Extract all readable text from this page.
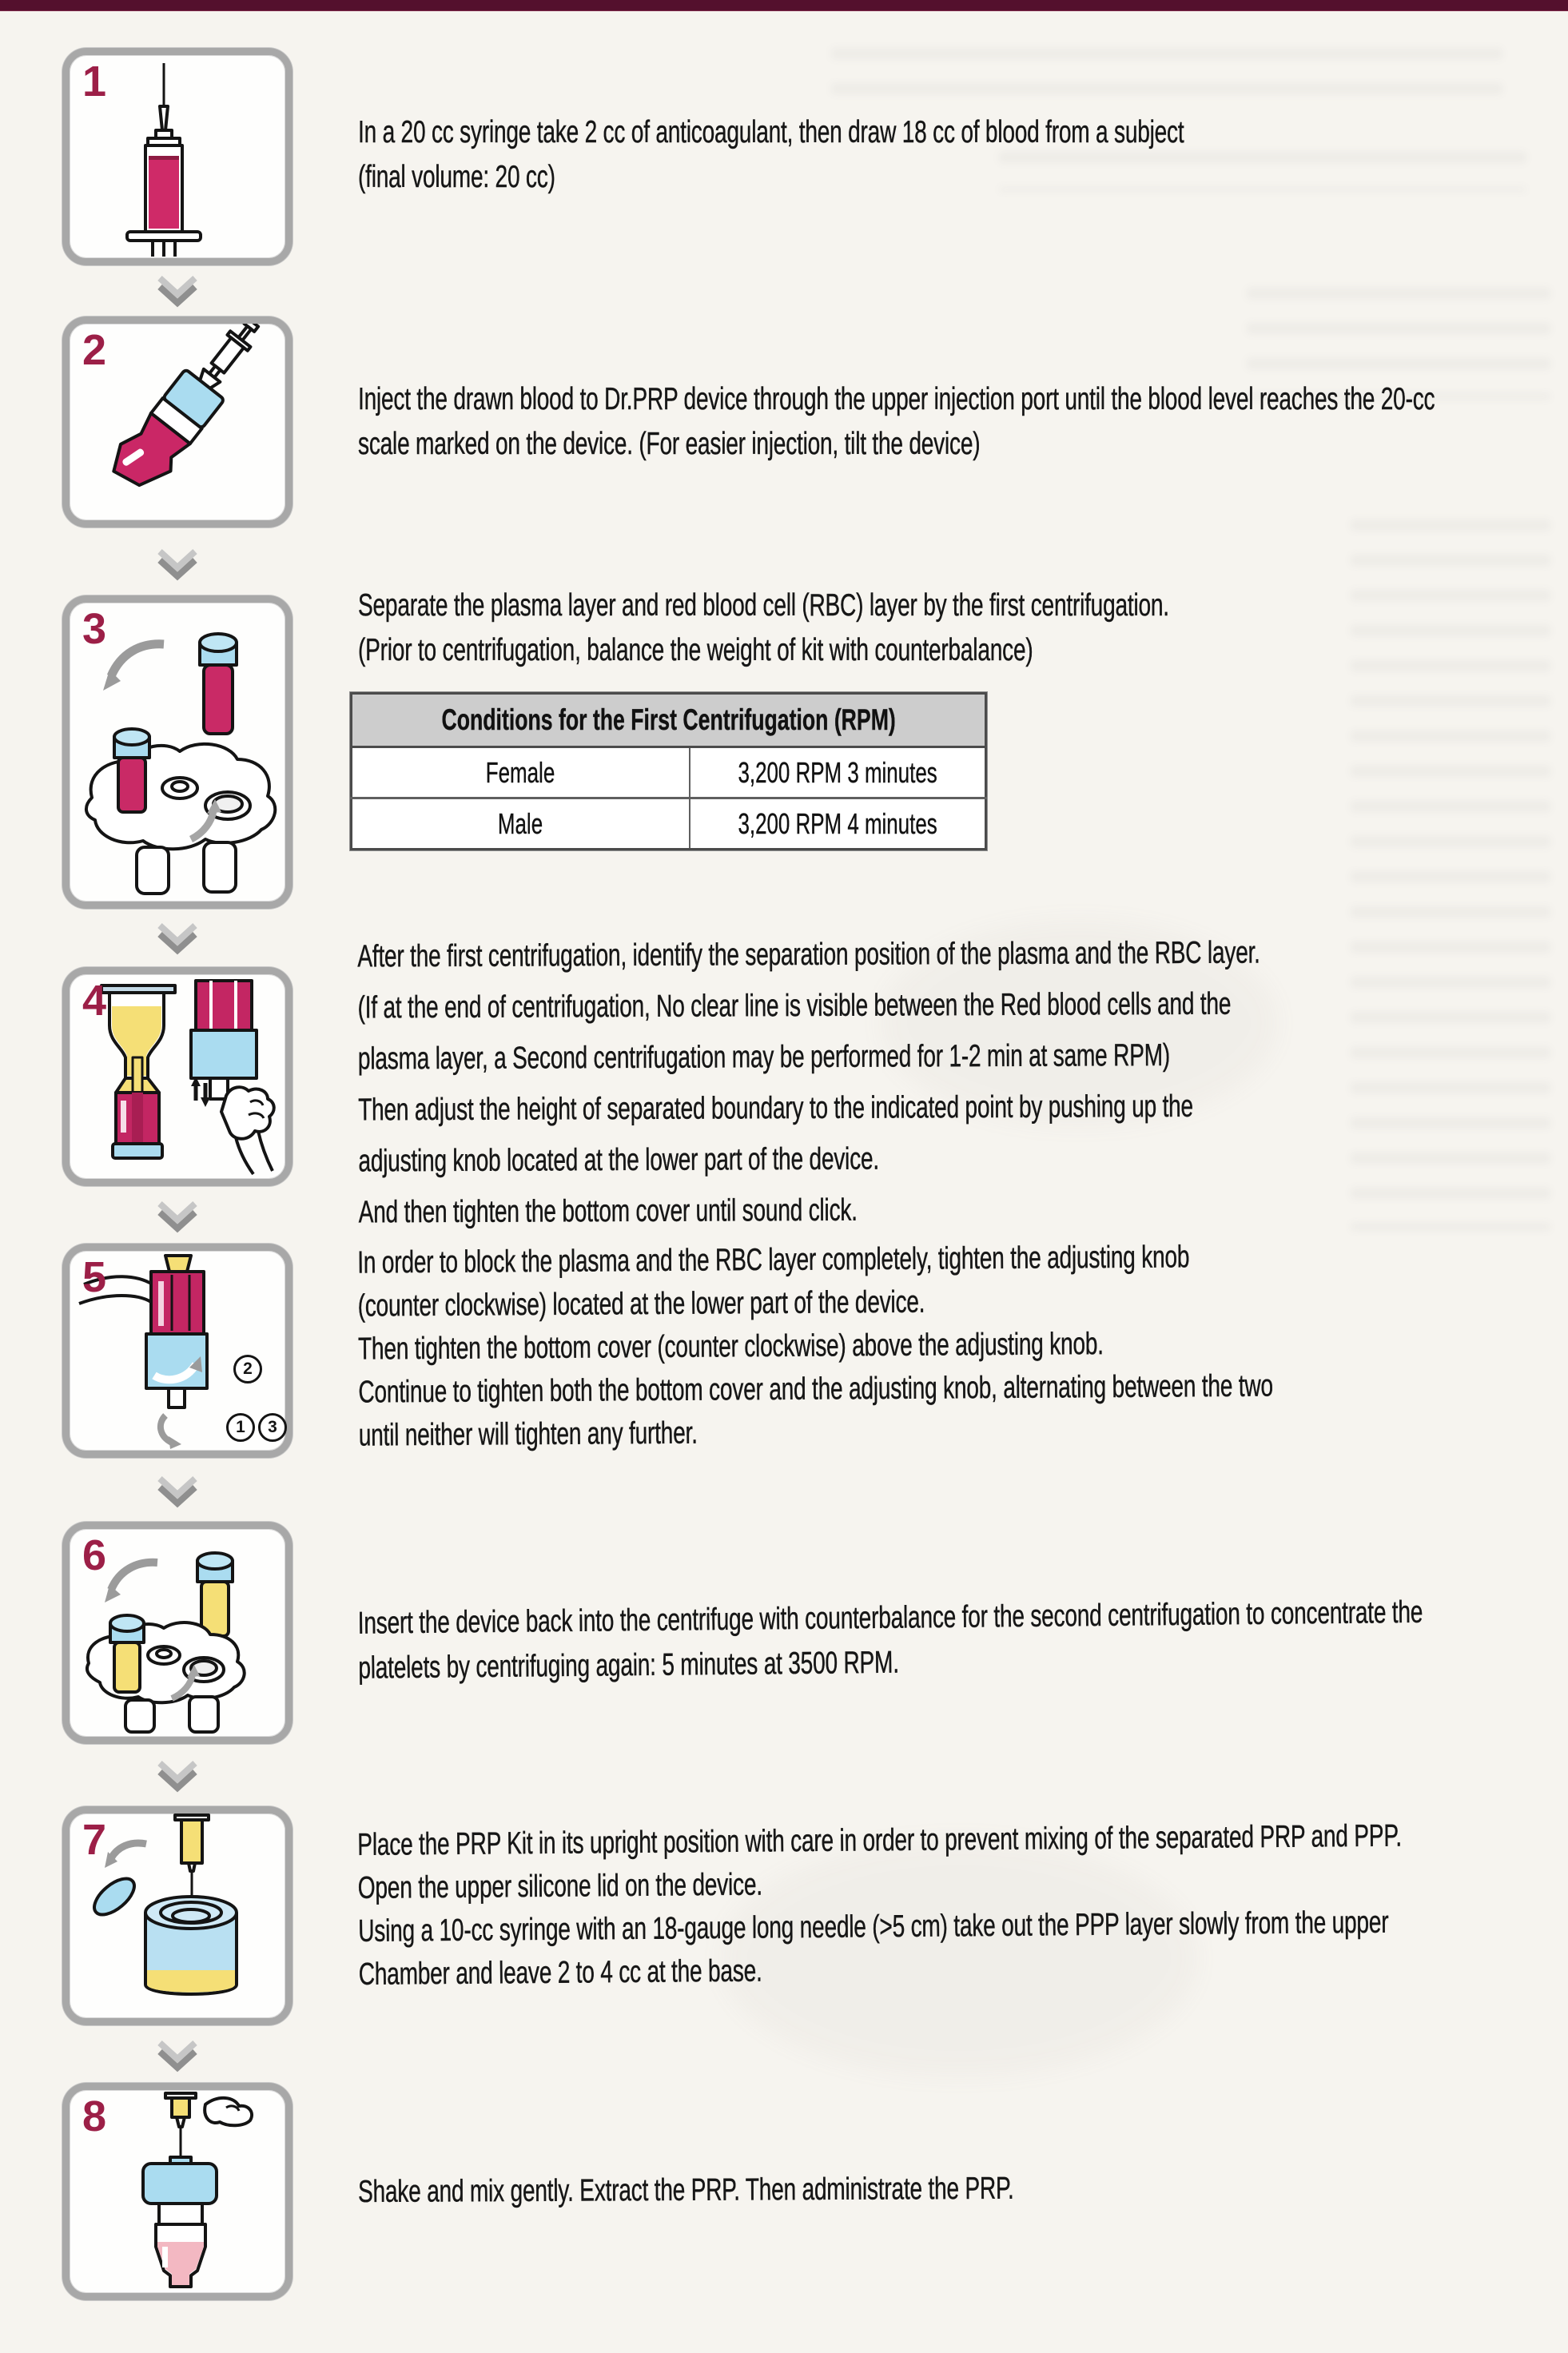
1
In a 20 cc syringe take 2 cc of anticoagulant, then draw 18 cc of blood from a subject
(final volume: 20 cc)
2
Inject the drawn blood to Dr.PRP device through the upper injection port until the blood level reaches the 20-cc
scale marked on the device. (For easier injection, tilt the device)
3	Separate the plasma layer and red blood cell (RBC) layer by the first centrifugation.
(Prior to centrifugation, balance the weight of kit with counterbalance)
Conditions for the First Centrifugation (RPM)	
Female	3,200 RPM 3 minutes
Male	3,200 RPM 4 minutes
4
After the first centrifugation, identify the separation position of the plasma and the RBC layer.
(If at the end of centrifugation, No clear line is visible between the Red blood cells and the
plasma layer, a Second centrifugation may be performed for 1-2 min at same RPM)
Then adjust the height of separated boundary to the indicated point by pushing up the
adjusting knob located at the lower part of the device.
And then tighten the bottom cover until sound click.
5
2
1	3
In order to block the plasma and the RBC layer completely, tighten the adjusting knob
(counter clockwise) located at the lower part of the device.
Then tighten the bottom cover (counter clockwise) above the adjusting knob.
Continue to tighten both the bottom cover and the adjusting knob, alternating between the two
until neither will tighten any further.
6
Insert the device back into the centrifuge with counterbalance for the second centrifugation to concentrate the
platelets by centrifuging again: 5 minutes at 3500 RPM.
7	Place the PRP Kit in its upright position with care in order to prevent mixing of the separated PRP and PPP.
Open the upper silicone lid on the device.
Using a 10-cc syringe with an 18-gauge long needle (>5 cm) take out the PPP layer slowly from the upper
Chamber and leave 2 to 4 cc at the base.
8
Shake and mix gently. Extract the PRP. Then administrate the PRP.
